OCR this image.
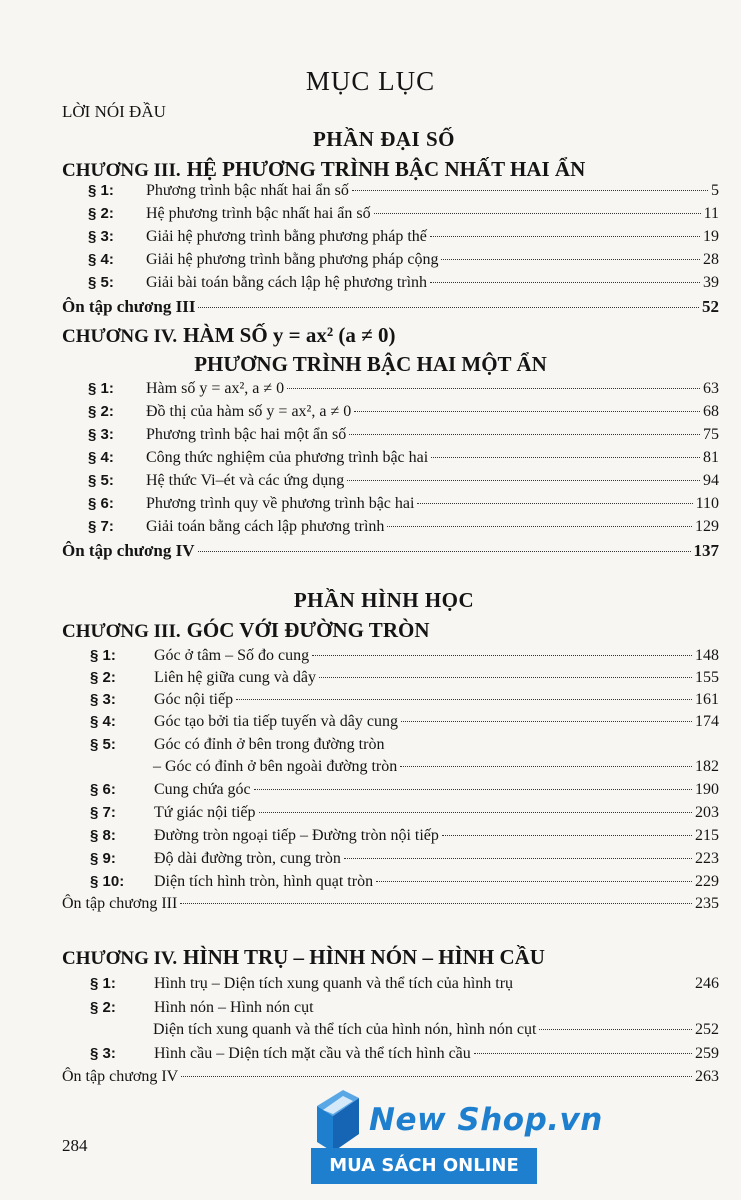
MỤC LỤC
LỜI NÓI ĐẦU
PHẦN ĐẠI SỐ
CHƯƠNG III. HỆ PHƯƠNG TRÌNH BẬC NHẤT HAI ẨN
§ 1:	Phương trình bậc nhất hai ẩn số	5
§ 2:	Hệ phương trình bậc nhất hai ẩn số	11
§ 3:	Giải hệ phương trình bằng phương pháp thế	19
§ 4:	Giải hệ phương trình bằng phương pháp cộng	28
§ 5:	Giải bài toán bằng cách lập hệ phương trình	39
Ôn tập chương III	52
CHƯƠNG IV. HÀM SỐ y = ax² (a ≠ 0)
PHƯƠNG TRÌNH BẬC HAI MỘT ẨN
§ 1:	Hàm số y = ax², a ≠ 0	63
§ 2:	Đồ thị của hàm số y = ax², a ≠ 0	68
§ 3:	Phương trình bậc hai một ẩn số	75
§ 4:	Công thức nghiệm của phương trình bậc hai	81
§ 5:	Hệ thức Vi–ét và các ứng dụng	94
§ 6:	Phương trình quy về phương trình bậc hai	110
§ 7:	Giải toán bằng cách lập phương trình	129
Ôn tập chương IV	137
PHẦN HÌNH HỌC
CHƯƠNG III. GÓC VỚI ĐƯỜNG TRÒN
§ 1:	Góc ở tâm – Số đo cung	148
§ 2:	Liên hệ giữa cung và dây	155
§ 3:	Góc nội tiếp	161
§ 4:	Góc tạo bởi tia tiếp tuyến và dây cung	174
§ 5:	Góc có đỉnh ở bên trong đường tròn
– Góc có đỉnh ở bên ngoài đường tròn	182
§ 6:	Cung chứa góc	190
§ 7:	Tứ giác nội tiếp	203
§ 8:	Đường tròn ngoại tiếp – Đường tròn nội tiếp	215
§ 9:	Độ dài đường tròn, cung tròn	223
§ 10:	Diện tích hình tròn, hình quạt tròn	229
Ôn tập chương III	235
CHƯƠNG IV. HÌNH TRỤ – HÌNH NÓN – HÌNH CẦU
§ 1:	Hình trụ – Diện tích xung quanh và thể tích của hình trụ	246
§ 2:	Hình nón – Hình nón cụt
Diện tích xung quanh và thể tích của hình nón, hình nón cụt	252
§ 3:	Hình cầu – Diện tích mặt cầu và thể tích hình cầu	259
Ôn tập chương IV	263
284
New Shop.vn
MUA SÁCH ONLINE
